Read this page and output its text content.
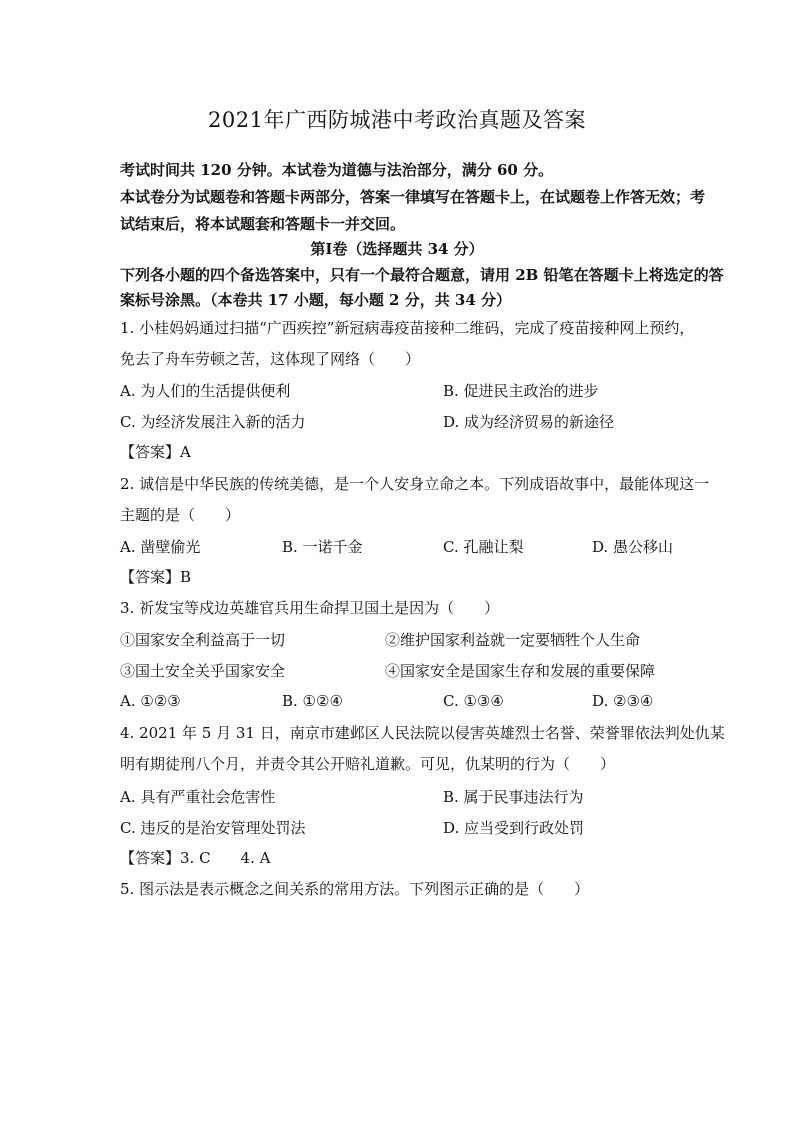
2021年广西防城港中考政治真题及答案
考试时间共 120 分钟。本试卷为道德与法治部分，满分 60 分。
本试卷分为试题卷和答题卡两部分，答案一律填写在答题卡上，在试题卷上作答无效；考
试结束后，将本试题套和答题卡一并交回。
第Ⅰ卷（选择题共 34 分）
下列各小题的四个备选答案中，只有一个最符合题意，请用 2B 铅笔在答题卡上将选定的答
案标号涂黑。（本卷共 17 小题，每小题 2 分，共 34 分）
1. 小桂妈妈通过扫描“广西疾控”新冠病毒疫苗接种二维码，完成了疫苗接种网上预约，
免去了舟车劳顿之苦，这体现了网络（　　）
A. 为人们的生活提供便利	B. 促进民主政治的进步
C. 为经济发展注入新的活力	D. 成为经济贸易的新途径
【答案】A
2. 诚信是中华民族的传统美德，是一个人安身立命之本。下列成语故事中，最能体现这一
主题的是（　　）
A. 凿壁偷光	B. 一诺千金	C. 孔融让梨	D. 愚公移山
【答案】B
3. 祈发宝等戍边英雄官兵用生命捍卫国土是因为（　　）
①国家安全利益高于一切	②维护国家利益就一定要牺牲个人生命
③国土安全关乎国家安全	④国家安全是国家生存和发展的重要保障
A. ①②③	B. ①②④	C. ①③④	D. ②③④
4. 2021 年 5 月 31 日，南京市建邺区人民法院以侵害英雄烈士名誉、荣誉罪依法判处仇某
明有期徒刑八个月，并责令其公开赔礼道歉。可见，仇某明的行为（　　）
A. 具有严重社会危害性	B. 属于民事违法行为
C. 违反的是治安管理处罚法	D. 应当受到行政处罚
【答案】3. C　　4. A
5. 图示法是表示概念之间关系的常用方法。下列图示正确的是（　　）
